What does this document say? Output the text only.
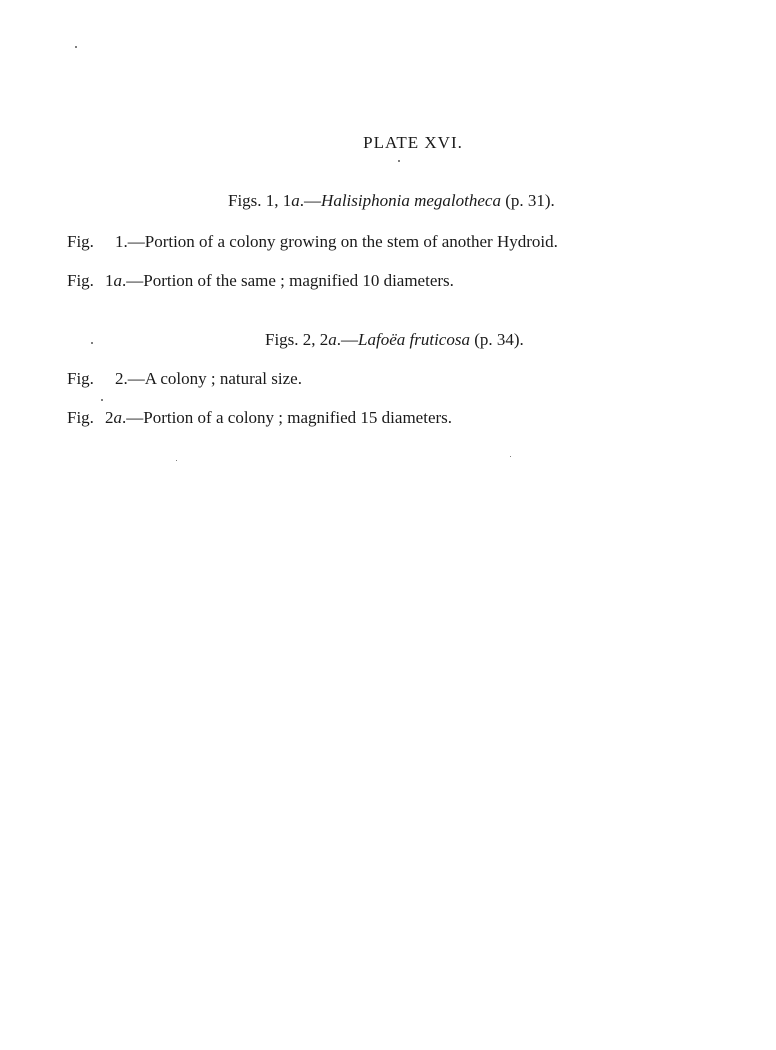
PLATE XVI.
Figs. 1, 1a.—Halisiphonia megalotheca (p. 31).
Fig. 1.—Portion of a colony growing on the stem of another Hydroid.
Fig. 1a.—Portion of the same ; magnified 10 diameters.
Figs. 2, 2a.—Lafoëa fruticosa (p. 34).
Fig. 2.—A colony ; natural size.
Fig. 2a.—Portion of a colony ; magnified 15 diameters.
